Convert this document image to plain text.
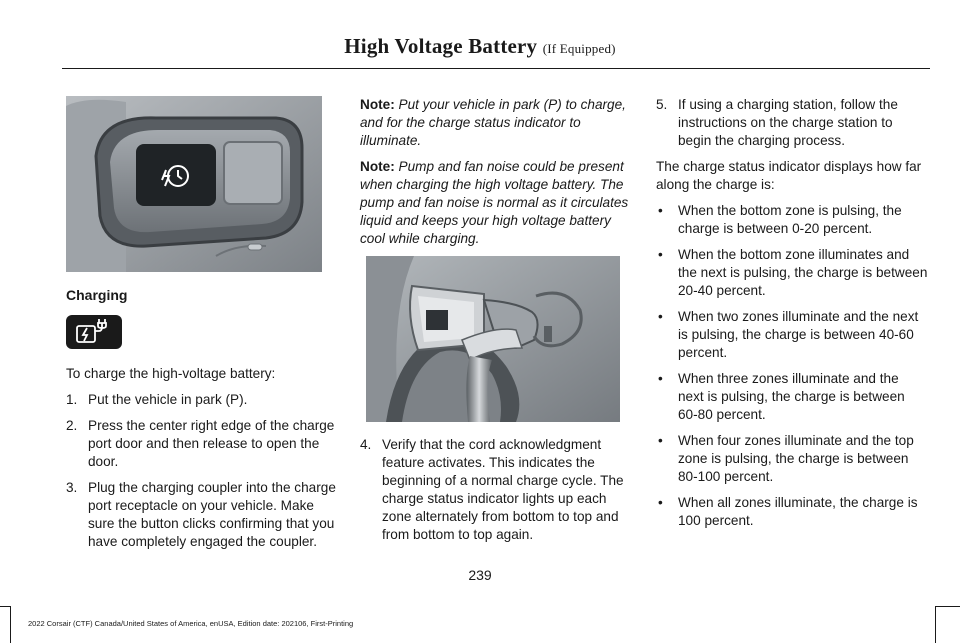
High Voltage Battery (If Equipped)
Charging

To charge the high-voltage battery:

1. Put the vehicle in park (P).
2. Press the center right edge of the charge port door and then release to open the door.
3. Plug the charging coupler into the charge port receptacle on your vehicle. Make sure the button clicks confirming that you have completely engaged the coupler.

Note: Put your vehicle in park (P) to charge, and for the charge status indicator to illuminate.

Note: Pump and fan noise could be present when charging the high voltage battery. The pump and fan noise is normal as it circulates liquid and keeps your high voltage battery cool while charging.

4. Verify that the cord acknowledgment feature activates. This indicates the beginning of a normal charge cycle. The charge status indicator lights up each zone alternately from bottom to top and from bottom to top again.
5. If using a charging station, follow the instructions on the charge station to begin the charging process.

The charge status indicator displays how far along the charge is:

• When the bottom zone is pulsing, the charge is between 0-20 percent.
• When the bottom zone illuminates and the next is pulsing, the charge is between 20-40 percent.
• When two zones illuminate and the next is pulsing, the charge is between 40-60 percent.
• When three zones illuminate and the next is pulsing, the charge is between 60-80 percent.
• When four zones illuminate and the top zone is pulsing, the charge is between 80-100 percent.
• When all zones illuminate, the charge is 100 percent.
239
2022 Corsair (CTF) Canada/United States of America, enUSA, Edition date: 202106, First-Printing
